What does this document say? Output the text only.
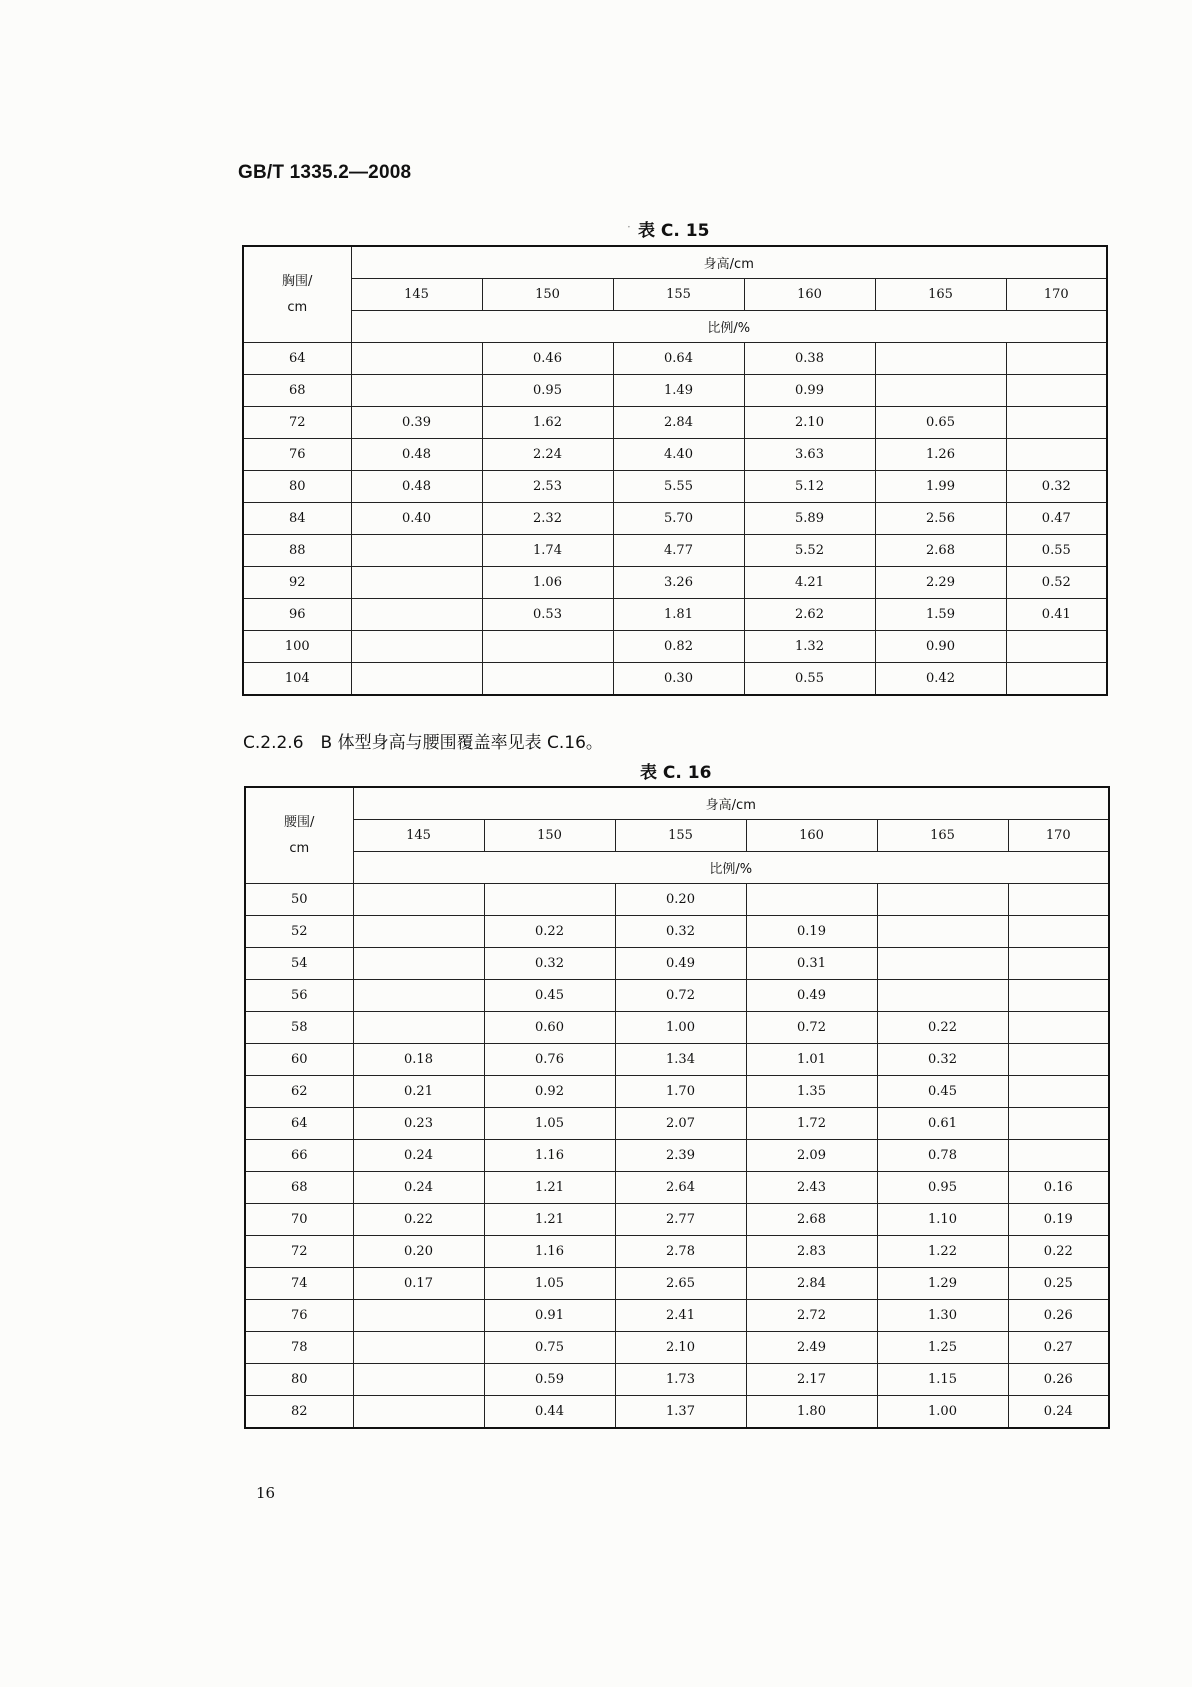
GB/T 1335.2—2008
· 表 C. 15
胸围/
cm	身高/cm					
	145	150	155	160	165	170
	比例/%					
64		0.46	0.64	0.38		
68		0.95	1.49	0.99		
72	0.39	1.62	2.84	2.10	0.65	
76	0.48	2.24	4.40	3.63	1.26	
80	0.48	2.53	5.55	5.12	1.99	0.32
84	0.40	2.32	5.70	5.89	2.56	0.47
88		1.74	4.77	5.52	2.68	0.55
92		1.06	3.26	4.21	2.29	0.52
96		0.53	1.81	2.62	1.59	0.41
100			0.82	1.32	0.90	
104			0.30	0.55	0.42	
C.2.2.6　B 体型身高与腰围覆盖率见表 C.16。
表 C. 16
腰围/
cm	身高/cm					
	145	150	155	160	165	170
	比例/%					
50			0.20			
52		0.22	0.32	0.19		
54		0.32	0.49	0.31		
56		0.45	0.72	0.49		
58		0.60	1.00	0.72	0.22	
60	0.18	0.76	1.34	1.01	0.32	
62	0.21	0.92	1.70	1.35	0.45	
64	0.23	1.05	2.07	1.72	0.61	
66	0.24	1.16	2.39	2.09	0.78	
68	0.24	1.21	2.64	2.43	0.95	0.16
70	0.22	1.21	2.77	2.68	1.10	0.19
72	0.20	1.16	2.78	2.83	1.22	0.22
74	0.17	1.05	2.65	2.84	1.29	0.25
76		0.91	2.41	2.72	1.30	0.26
78		0.75	2.10	2.49	1.25	0.27
80		0.59	1.73	2.17	1.15	0.26
82		0.44	1.37	1.80	1.00	0.24
16
